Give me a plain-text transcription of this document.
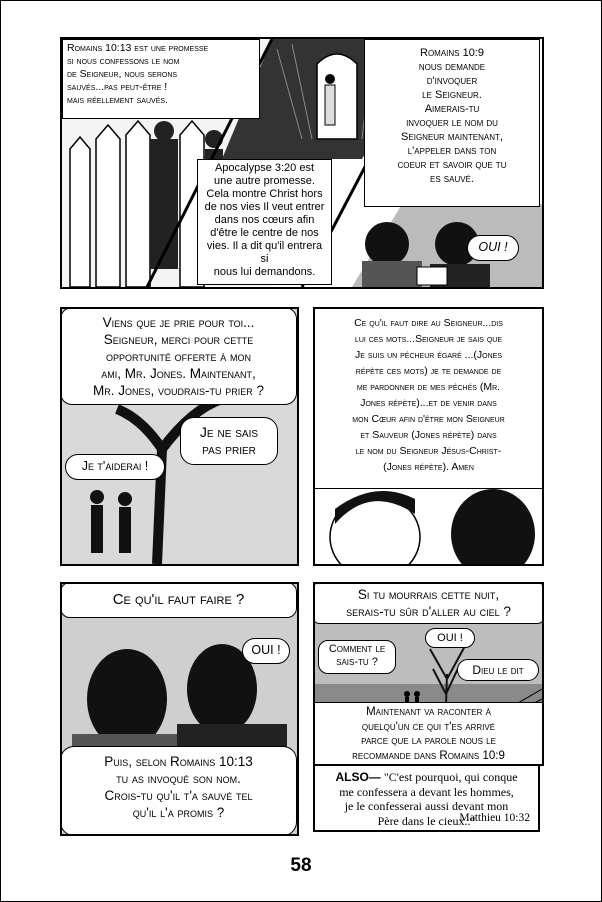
Romains 10:13 est une promesse
si nous confessons le nom
de Seigneur, nous serons
sauvés...pas peut-être !
mais réellement sauvés.
Apocalypse 3:20 est
une autre promesse.
Cela montre Christ hors
de nos vies Il veut entrer
dans nos cœurs afin
d'être le centre de nos
vies. Il a dit qu'il entrera si
nous lui demandons.
Romains 10:9
nous demande
d'invoquer
le Seigneur.
Aimerais-tu
invoquer le nom du
Seigneur maintenant,
l'appeler dans ton
coeur et savoir que tu
es sauvé.
OUI !
Viens que je prie pour toi...
Seigneur, merci pour cette
opportunité offerte à mon
ami, Mr. Jones. Maintenant,
Mr. Jones, voudrais-tu prier ?
Je t'aiderai !
Je ne sais
pas prier
Ce qu'il faut dire au Seigneur...dis
lui ces mots...Seigneur je sais que
Je suis un pécheur égaré ...(Jones
répète ces mots) je te demande de
me pardonner de mes péchés (Mr.
Jones répète)...et de venir dans
mon Cœur afin d'être mon Seigneur
et Sauveur (Jones répète) dans
le nom du Seigneur Jésus-Christ-
(Jones répète). Amen
Ce qu'il faut faire ?
OUI !
Puis, selon Romains 10:13
tu as invoqué son nom.
Crois-tu qu'il t'a sauvé tel
qu'il l'a promis ?
Si tu mourrais cette nuit,
serais-tu sûr d'aller au ciel ?
OUI !
Comment le
sais-tu ?
Dieu le dit
Maintenant va raconter à
quelqu'un ce qui t'es arrivé
parce que la parole nous le
recommande dans Romains 10:9
ALSO— "C'est pourquoi, qui conque
me confessera a devant les hommes,
je le confesserai aussi devant mon
Père dans le cieux.."
Matthieu 10:32
58
